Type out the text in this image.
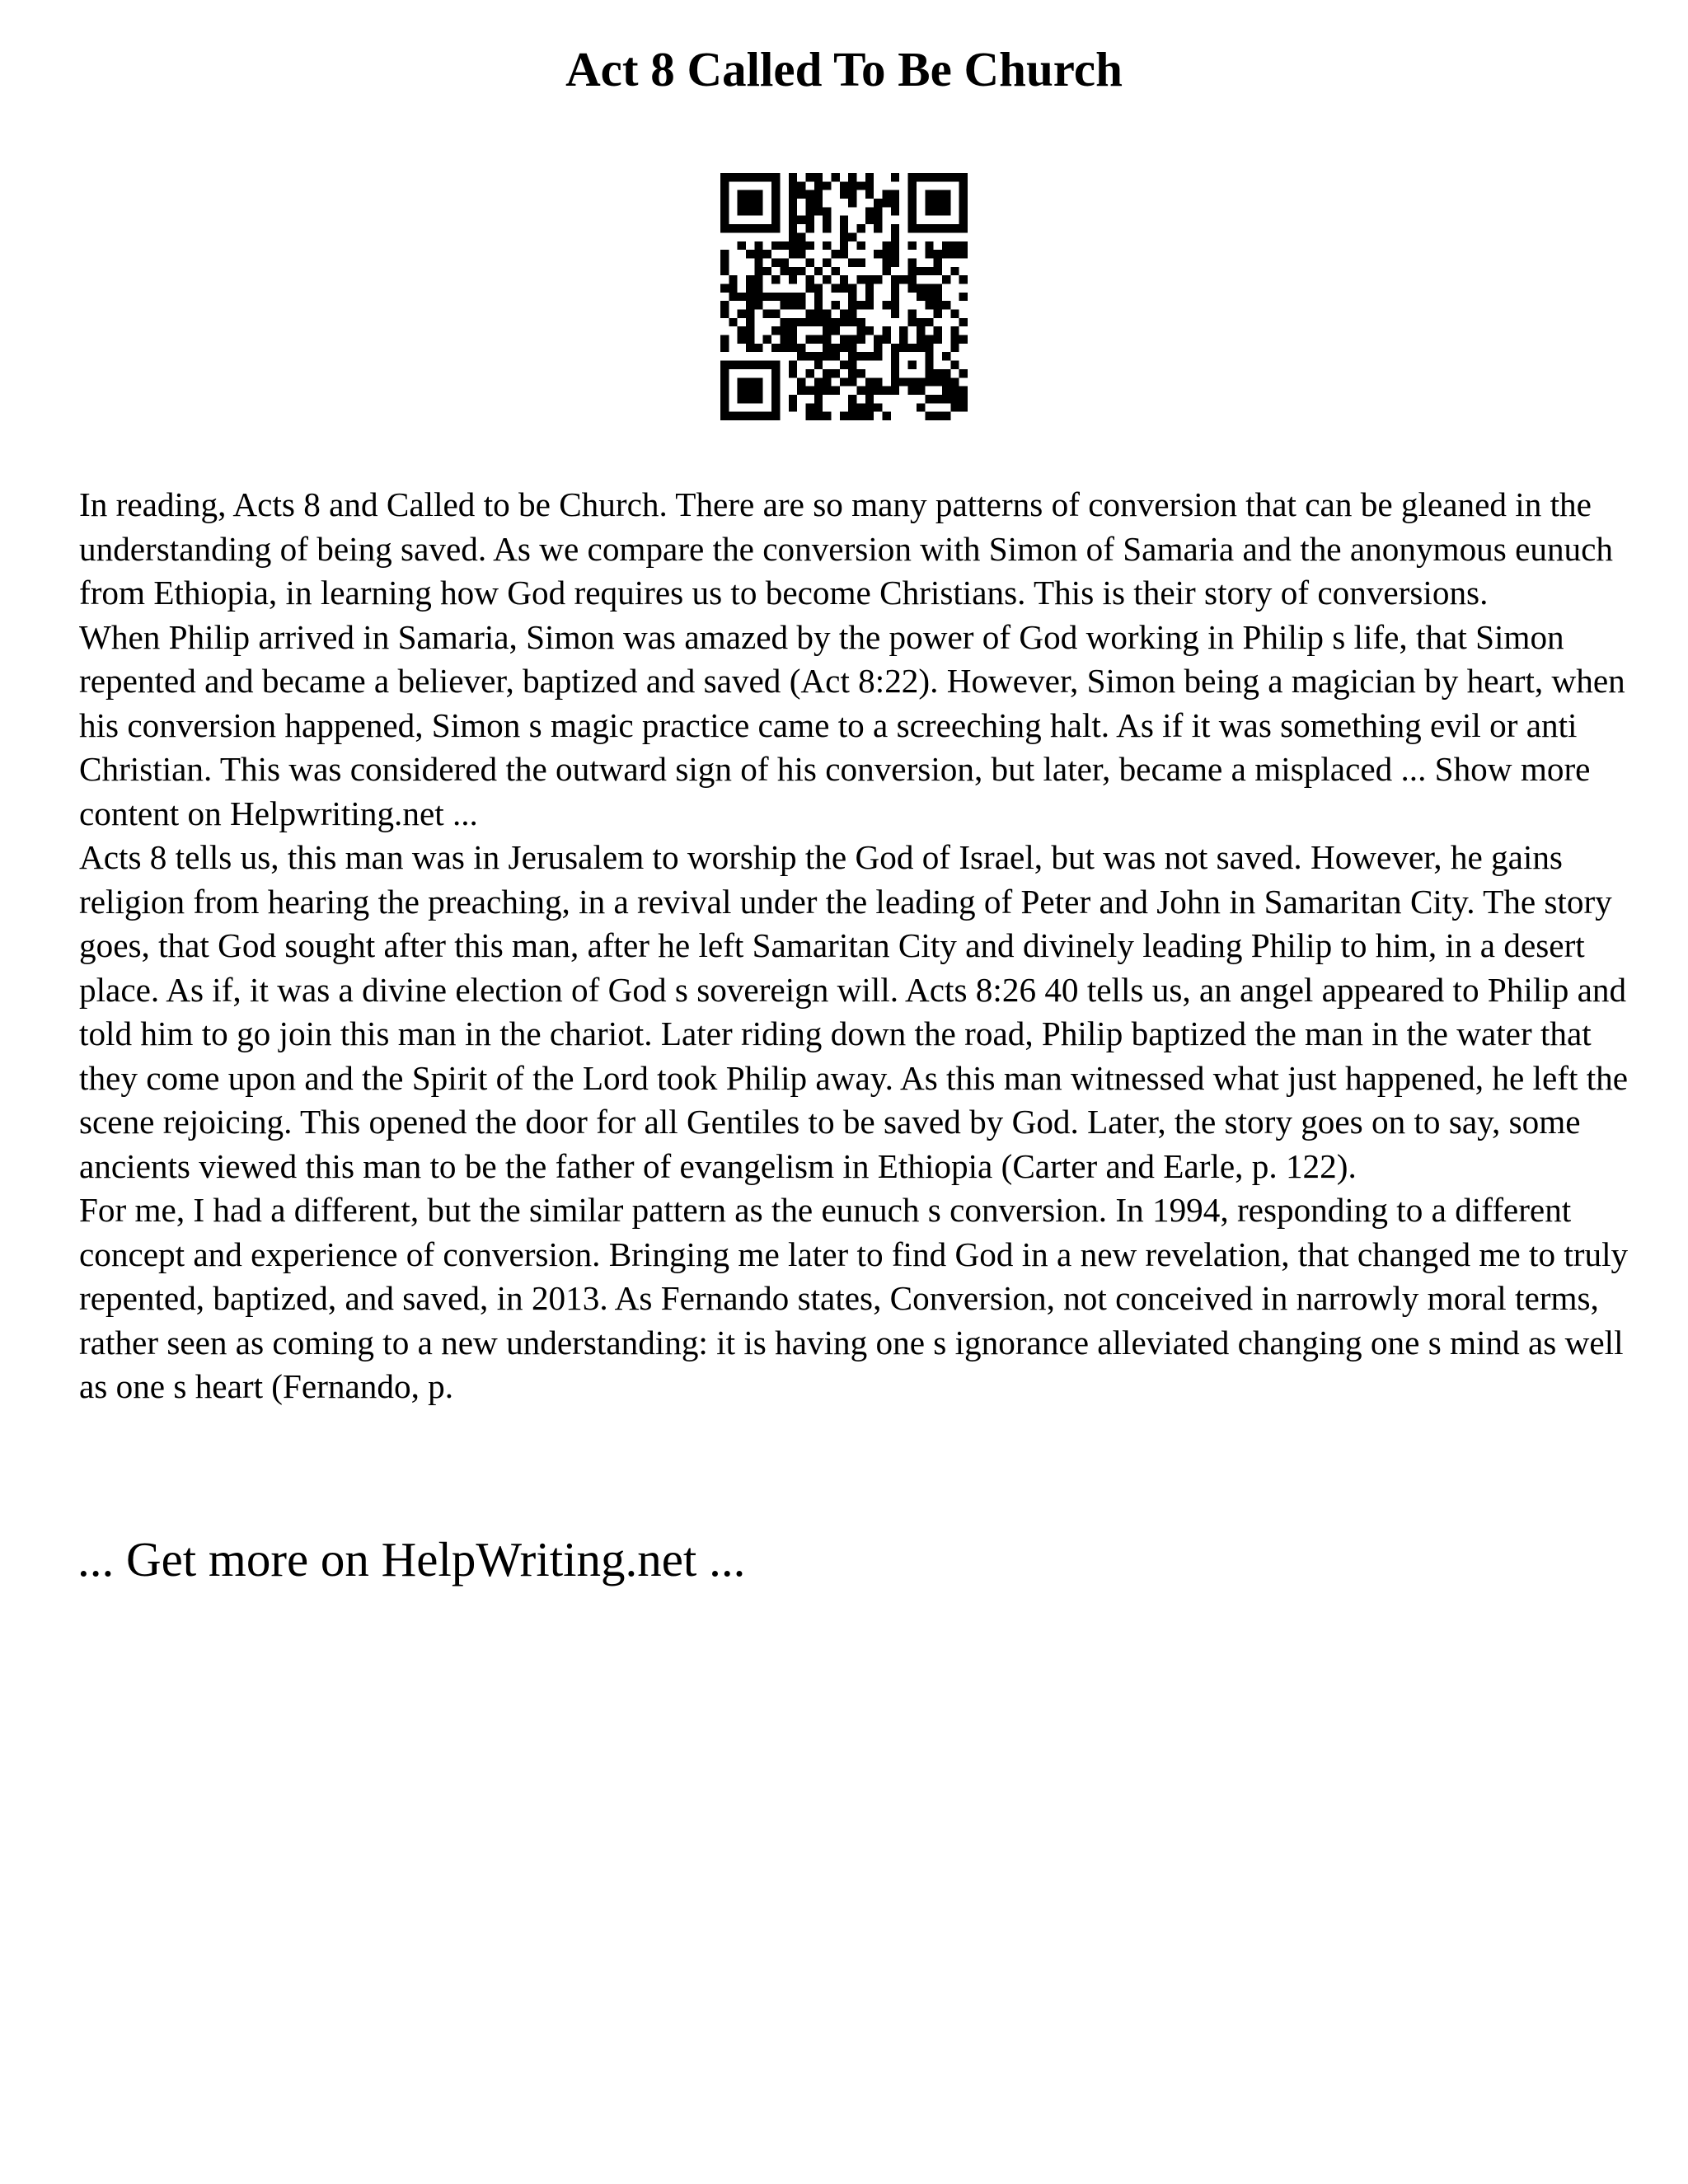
Act 8 Called To Be Church

In reading, Acts 8 and Called to be Church. There are so many patterns of conversion that can be gleaned in the understanding of being saved. As we compare the conversion with Simon of Samaria and the anonymous eunuch from Ethiopia, in learning how God requires us to become Christians. This is their story of conversions.

When Philip arrived in Samaria, Simon was amazed by the power of God working in Philip s life, that Simon repented and became a believer, baptized and saved (Act 8:22). However, Simon being a magician by heart, when his conversion happened, Simon s magic practice came to a screeching halt. As if it was something evil or anti Christian. This was considered the outward sign of his conversion, but later, became a misplaced ... Show more content on Helpwriting.net ...

Acts 8 tells us, this man was in Jerusalem to worship the God of Israel, but was not saved. However, he gains religion from hearing the preaching, in a revival under the leading of Peter and John in Samaritan City. The story goes, that God sought after this man, after he left Samaritan City and divinely leading Philip to him, in a desert place. As if, it was a divine election of God s sovereign will. Acts 8:26 40 tells us, an angel appeared to Philip and told him to go join this man in the chariot. Later riding down the road, Philip baptized the man in the water that they come upon and the Spirit of the Lord took Philip away. As this man witnessed what just happened, he left the scene rejoicing. This opened the door for all Gentiles to be saved by God. Later, the story goes on to say, some ancients viewed this man to be the father of evangelism in Ethiopia (Carter and Earle, p. 122).

For me, I had a different, but the similar pattern as the eunuch s conversion. In 1994, responding to a different concept and experience of conversion. Bringing me later to find God in a new revelation, that changed me to truly repented, baptized, and saved, in 2013. As Fernando states, Conversion, not conceived in narrowly moral terms, rather seen as coming to a new understanding: it is having one s ignorance alleviated changing one s mind as well as one s heart (Fernando, p.

... Get more on HelpWriting.net ...
